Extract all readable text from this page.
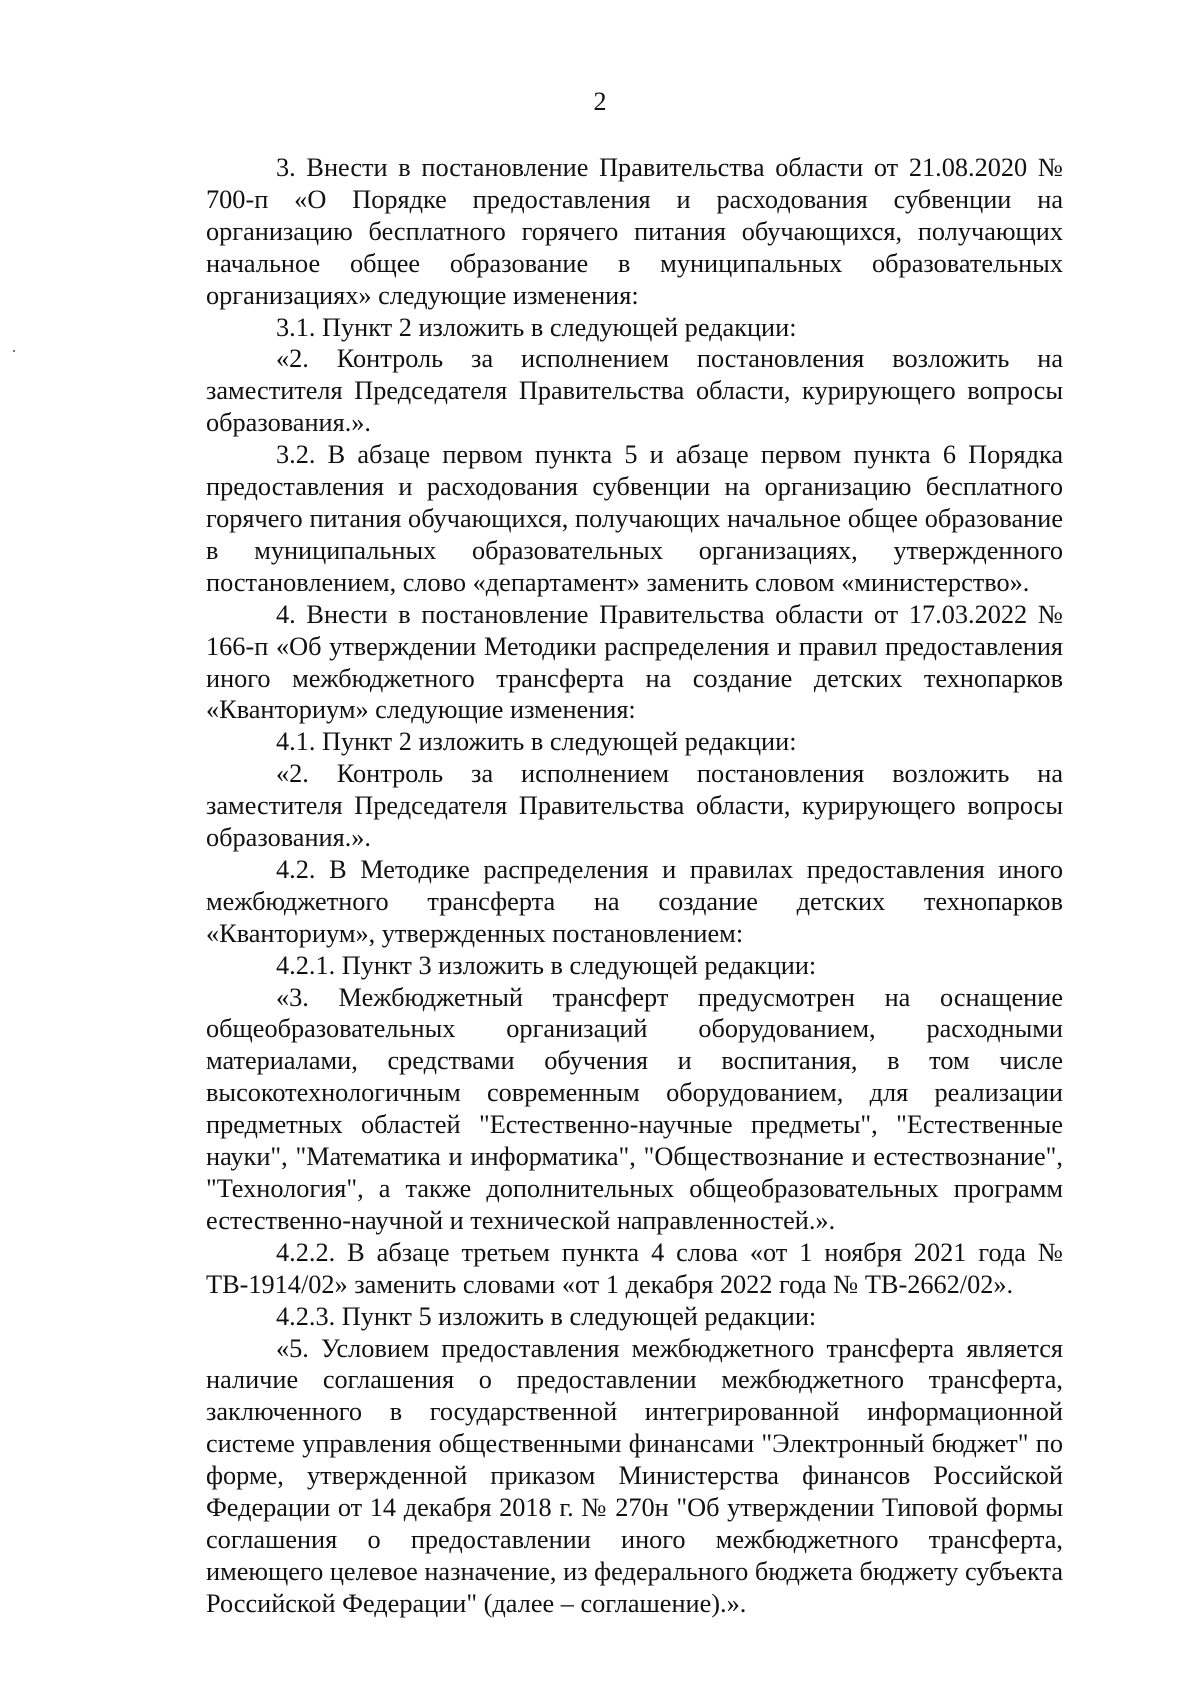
2

3. Внести в постановление Правительства области от 21.08.2020 № 700-п «О Порядке предоставления и расходования субвенции на организацию бесплатного горячего питания обучающихся, получающих начальное общее образование в муниципальных образовательных организациях» следующие изменения:

3.1. Пункт 2 изложить в следующей редакции:

«2. Контроль за исполнением постановления возложить на заместителя Председателя Правительства области, курирующего вопросы образования.».

3.2. В абзаце первом пункта 5 и абзаце первом пункта 6 Порядка предоставления и расходования субвенции на организацию бесплатного горячего питания обучающихся, получающих начальное общее образование в муниципальных образовательных организациях, утвержденного постановлением, слово «департамент» заменить словом «министерство».

4. Внести в постановление Правительства области от 17.03.2022 № 166-п «Об утверждении Методики распределения и правил предоставления иного межбюджетного трансферта на создание детских технопарков «Кванториум» следующие изменения:

4.1. Пункт 2 изложить в следующей редакции:

«2. Контроль за исполнением постановления возложить на заместителя Председателя Правительства области, курирующего вопросы образования.».

4.2. В Методике распределения и правилах предоставления иного межбюджетного трансферта на создание детских технопарков «Кванториум», утвержденных постановлением:

4.2.1. Пункт 3 изложить в следующей редакции:

«3. Межбюджетный трансферт предусмотрен на оснащение общеобразовательных организаций оборудованием, расходными материалами, средствами обучения и воспитания, в том числе высокотехнологичным современным оборудованием, для реализации предметных областей "Естественно-научные предметы", "Естественные науки", "Математика и информатика", "Обществознание и естествознание", "Технология", а также дополнительных общеобразовательных программ естественно-научной и технической направленностей.».

4.2.2. В абзаце третьем пункта 4 слова «от 1 ноября 2021 года № ТВ-1914/02» заменить словами «от 1 декабря 2022 года № ТВ-2662/02».

4.2.3. Пункт 5 изложить в следующей редакции:

«5. Условием предоставления межбюджетного трансферта является наличие соглашения о предоставлении межбюджетного трансферта, заключенного в государственной интегрированной информационной системе управления общественными финансами "Электронный бюджет" по форме, утвержденной приказом Министерства финансов Российской Федерации от 14 декабря 2018 г. № 270н "Об утверждении Типовой формы соглашения о предоставлении иного межбюджетного трансферта, имеющего целевое назначение, из федерального бюджета бюджету субъекта Российской Федерации" (далее – соглашение).».
